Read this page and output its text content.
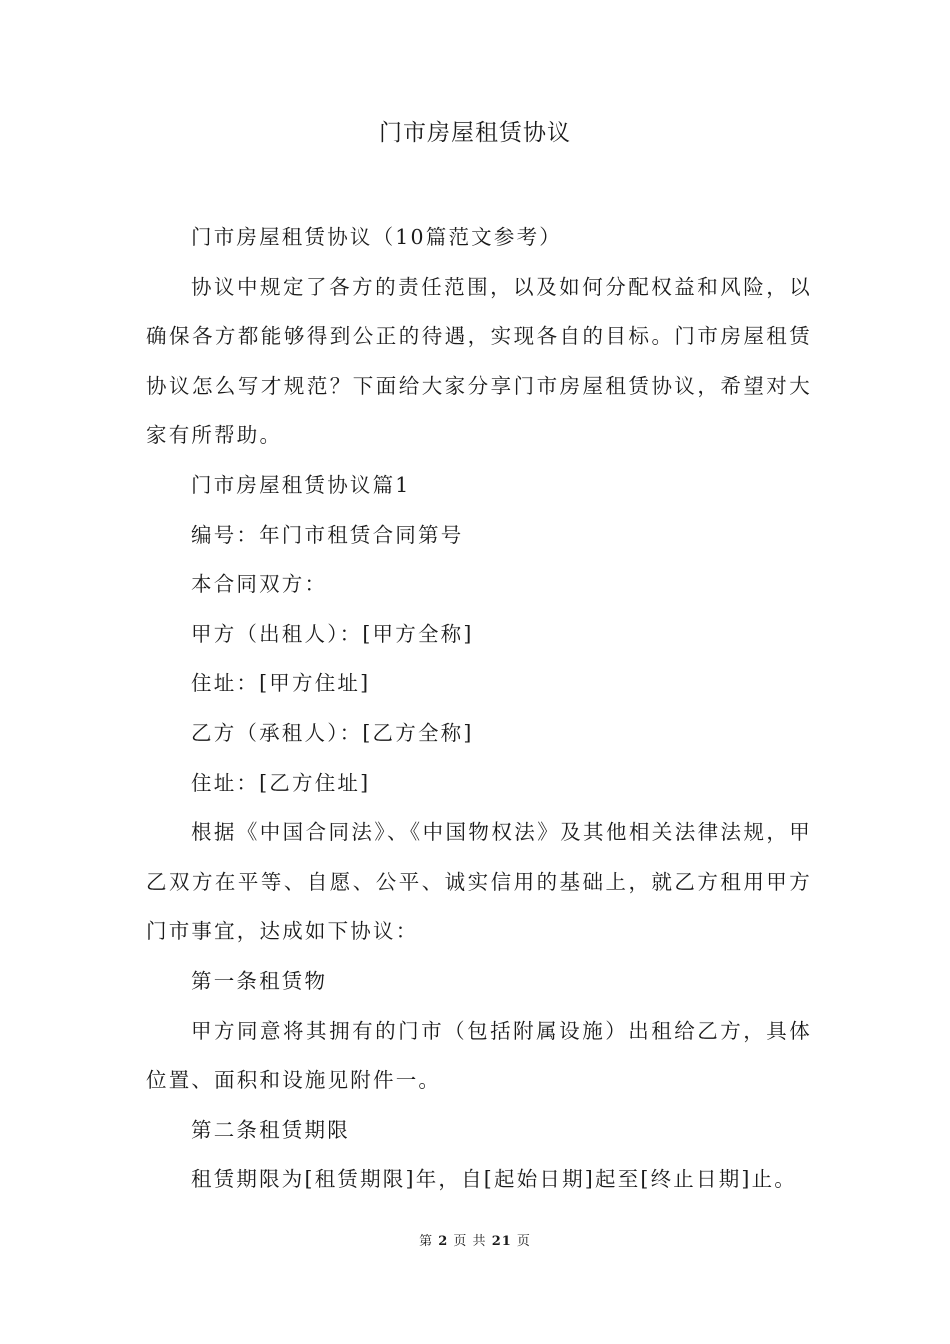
门市房屋租赁协议

门市房屋租赁协议（10篇范文参考）

协议中规定了各方的责任范围，以及如何分配权益和风险，以确保各方都能够得到公正的待遇，实现各自的目标。门市房屋租赁协议怎么写才规范？下面给大家分享门市房屋租赁协议，希望对大家有所帮助。

门市房屋租赁协议篇1

编号：年门市租赁合同第号

本合同双方：

甲方（出租人）：[甲方全称]

住址：[甲方住址]

乙方（承租人）：[乙方全称]

住址：[乙方住址]

根据《中国合同法》、《中国物权法》及其他相关法律法规，甲乙双方在平等、自愿、公平、诚实信用的基础上，就乙方租用甲方门市事宜，达成如下协议：

第一条租赁物

甲方同意将其拥有的门市（包括附属设施）出租给乙方，具体位置、面积和设施见附件一。

第二条租赁期限

租赁期限为[租赁期限]年，自[起始日期]起至[终止日期]止。

第 2 页 共 21 页
